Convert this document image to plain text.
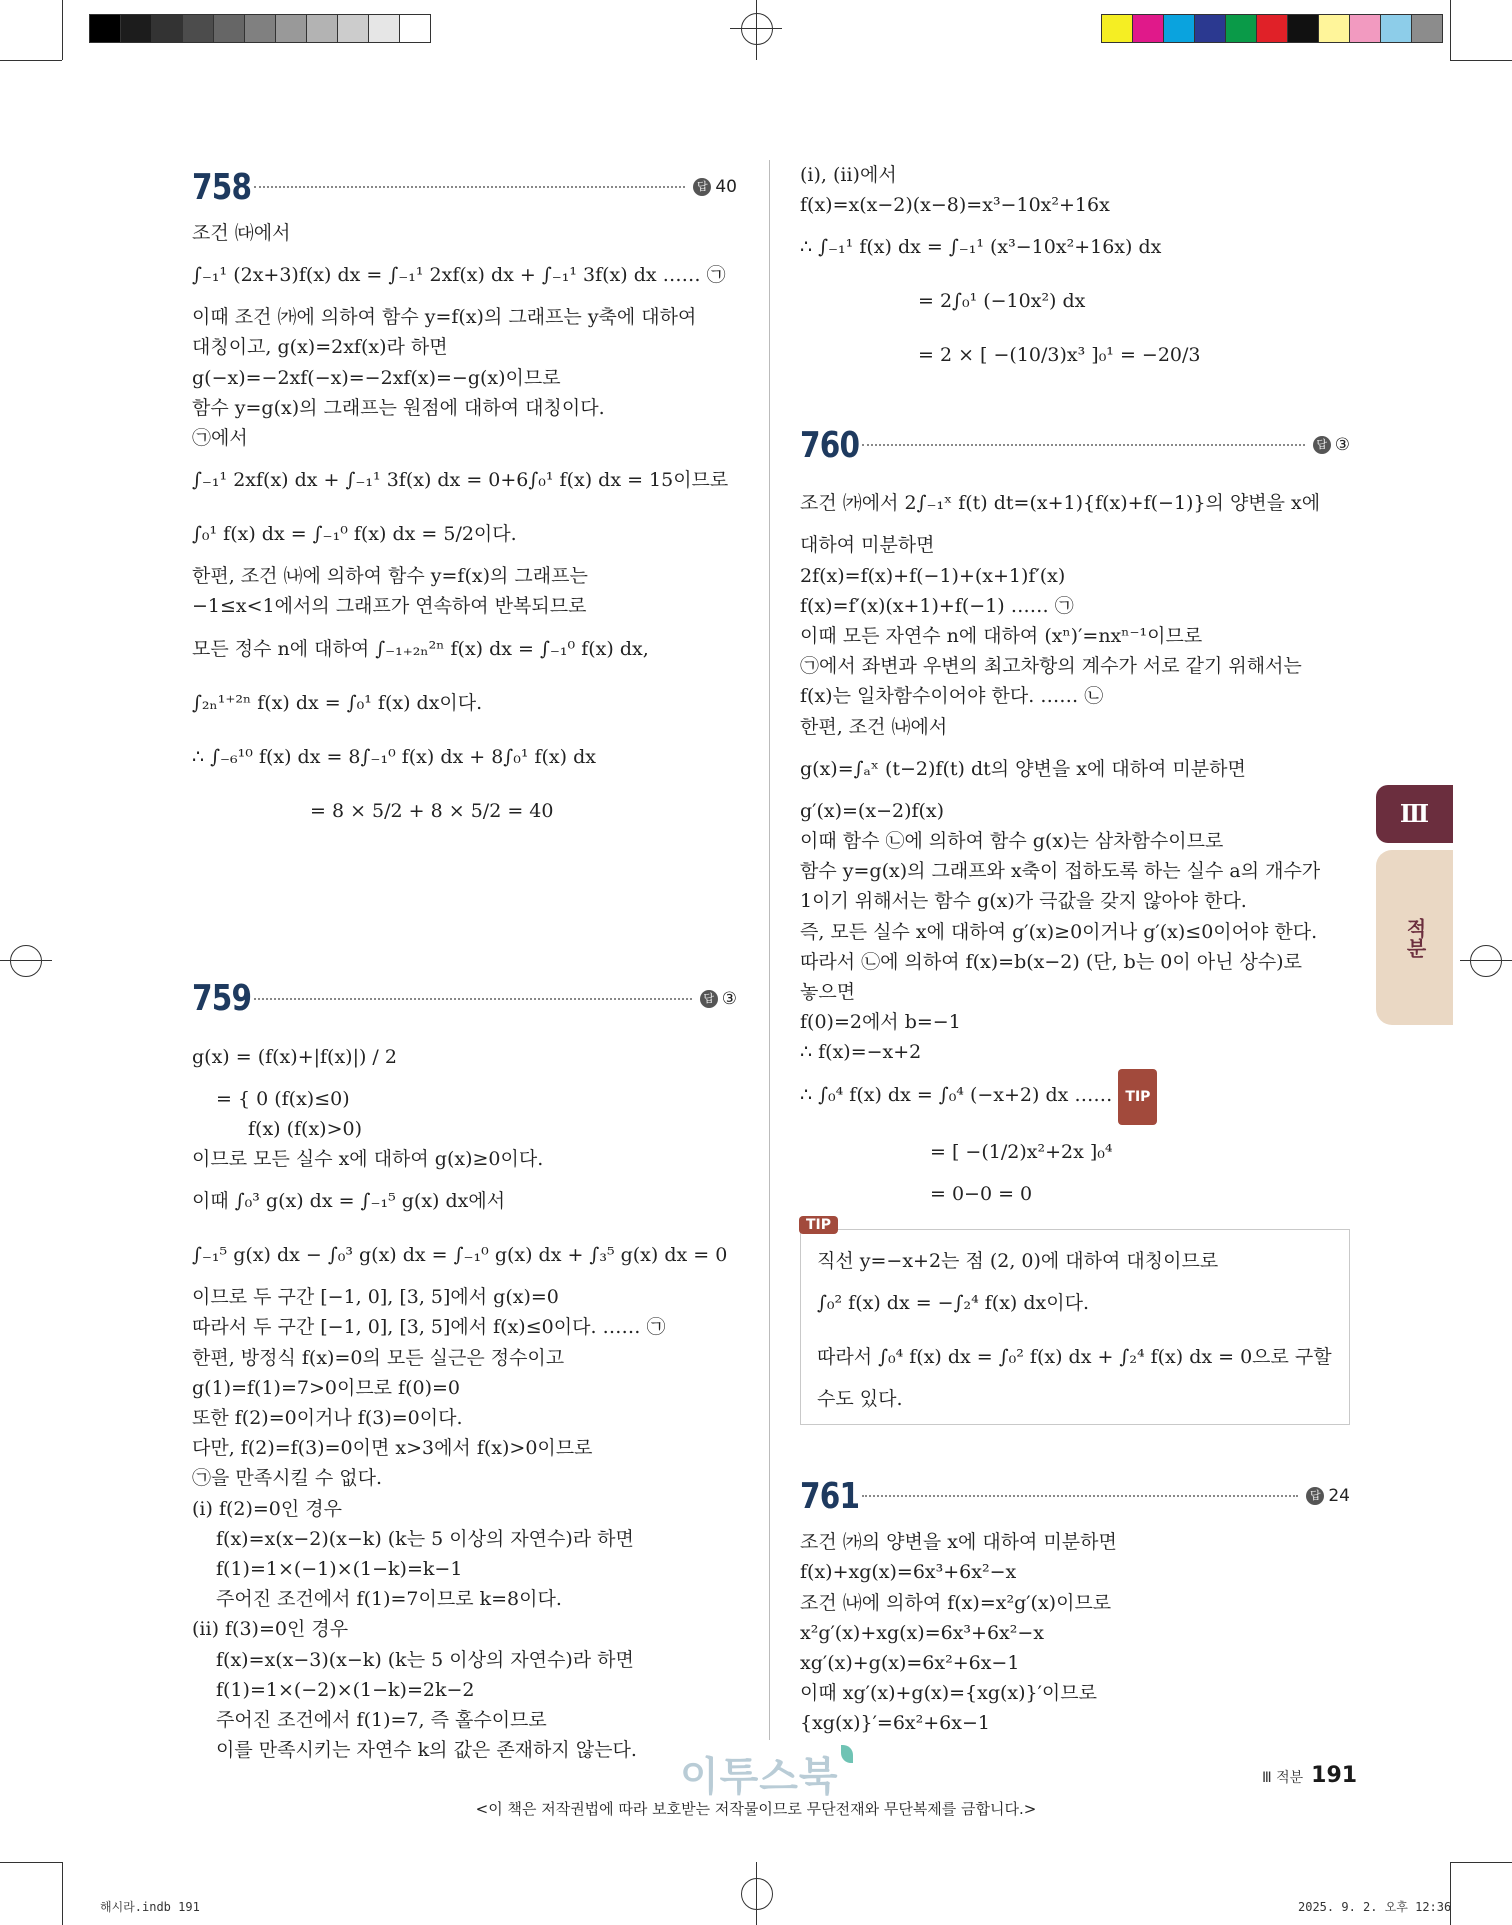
758	답 40
조건 ㈐에서
∫₋₁¹ (2x+3)f(x) dx = ∫₋₁¹ 2xf(x) dx + ∫₋₁¹ 3f(x) dx …… ㉠
이때 조건 ㈎에 의하여 함수 y=f(x)의 그래프는 y축에 대하여
대칭이고, g(x)=2xf(x)라 하면
g(−x)=−2xf(−x)=−2xf(x)=−g(x)이므로
함수 y=g(x)의 그래프는 원점에 대하여 대칭이다.
㉠에서
∫₋₁¹ 2xf(x) dx + ∫₋₁¹ 3f(x) dx = 0+6∫₀¹ f(x) dx = 15이므로
∫₀¹ f(x) dx = ∫₋₁⁰ f(x) dx = 5/2이다.
한편, 조건 ㈏에 의하여 함수 y=f(x)의 그래프는
−1≤x<1에서의 그래프가 연속하여 반복되므로
모든 정수 n에 대하여 ∫₋₁₊₂ₙ²ⁿ f(x) dx = ∫₋₁⁰ f(x) dx,
∫₂ₙ¹⁺²ⁿ f(x) dx = ∫₀¹ f(x) dx이다.
∴ ∫₋₆¹⁰ f(x) dx = 8∫₋₁⁰ f(x) dx + 8∫₀¹ f(x) dx
= 8 × 5/2 + 8 × 5/2 = 40
759	답 ③
g(x) = (f(x)+|f(x)|) / 2
= { 0 (f(x)≤0)
f(x) (f(x)>0)
이므로 모든 실수 x에 대하여 g(x)≥0이다.
이때 ∫₀³ g(x) dx = ∫₋₁⁵ g(x) dx에서
∫₋₁⁵ g(x) dx − ∫₀³ g(x) dx = ∫₋₁⁰ g(x) dx + ∫₃⁵ g(x) dx = 0
이므로 두 구간 [−1, 0], [3, 5]에서 g(x)=0
따라서 두 구간 [−1, 0], [3, 5]에서 f(x)≤0이다. …… ㉠
한편, 방정식 f(x)=0의 모든 실근은 정수이고
g(1)=f(1)=7>0이므로 f(0)=0
또한 f(2)=0이거나 f(3)=0이다.
다만, f(2)=f(3)=0이면 x>3에서 f(x)>0이므로
㉠을 만족시킬 수 없다.
(i) f(2)=0인 경우
f(x)=x(x−2)(x−k) (k는 5 이상의 자연수)라 하면
f(1)=1×(−1)×(1−k)=k−1
주어진 조건에서 f(1)=7이므로 k=8이다.
(ii) f(3)=0인 경우
f(x)=x(x−3)(x−k) (k는 5 이상의 자연수)라 하면
f(1)=1×(−2)×(1−k)=2k−2
주어진 조건에서 f(1)=7, 즉 홀수이므로
이를 만족시키는 자연수 k의 값은 존재하지 않는다.
(i), (ii)에서
f(x)=x(x−2)(x−8)=x³−10x²+16x
∴ ∫₋₁¹ f(x) dx = ∫₋₁¹ (x³−10x²+16x) dx
= 2∫₀¹ (−10x²) dx
= 2 × [ −(10/3)x³ ]₀¹ = −20/3
760	답 ③
조건 ㈎에서 2∫₋₁ˣ f(t) dt=(x+1){f(x)+f(−1)}의 양변을 x에
대하여 미분하면
2f(x)=f(x)+f(−1)+(x+1)f′(x)
f(x)=f′(x)(x+1)+f(−1) …… ㉠
이때 모든 자연수 n에 대하여 (xⁿ)′=nxⁿ⁻¹이므로
㉠에서 좌변과 우변의 최고차항의 계수가 서로 같기 위해서는
f(x)는 일차함수이어야 한다. …… ㉡
한편, 조건 ㈏에서
g(x)=∫ₐˣ (t−2)f(t) dt의 양변을 x에 대하여 미분하면
g′(x)=(x−2)f(x)
이때 함수 ㉡에 의하여 함수 g(x)는 삼차함수이므로
함수 y=g(x)의 그래프와 x축이 접하도록 하는 실수 a의 개수가
1이기 위해서는 함수 g(x)가 극값을 갖지 않아야 한다.
즉, 모든 실수 x에 대하여 g′(x)≥0이거나 g′(x)≤0이어야 한다.
따라서 ㉡에 의하여 f(x)=b(x−2) (단, b는 0이 아닌 상수)로
놓으면
f(0)=2에서 b=−1
∴ f(x)=−x+2
∴ ∫₀⁴ f(x) dx = ∫₀⁴ (−x+2) dx …… TIP
= [ −(1/2)x²+2x ]₀⁴
= 0−0 = 0
TIP
직선 y=−x+2는 점 (2, 0)에 대하여 대칭이므로
∫₀² f(x) dx = −∫₂⁴ f(x) dx이다.
따라서 ∫₀⁴ f(x) dx = ∫₀² f(x) dx + ∫₂⁴ f(x) dx = 0으로 구할
수도 있다.
761	답 24
조건 ㈎의 양변을 x에 대하여 미분하면
f(x)+xg(x)=6x³+6x²−x
조건 ㈏에 의하여 f(x)=x²g′(x)이므로
x²g′(x)+xg(x)=6x³+6x²−x
xg′(x)+g(x)=6x²+6x−1
이때 xg′(x)+g(x)={xg(x)}′이므로
{xg(x)}′=6x²+6x−1
Ⅲ
적분
이투스북	Ⅲ 적분 191
<이 책은 저작권법에 따라 보호받는 저작물이므로 무단전재와 무단복제를 금합니다.>
해시라.indb 191	2025. 9. 2. 오후 12:36
